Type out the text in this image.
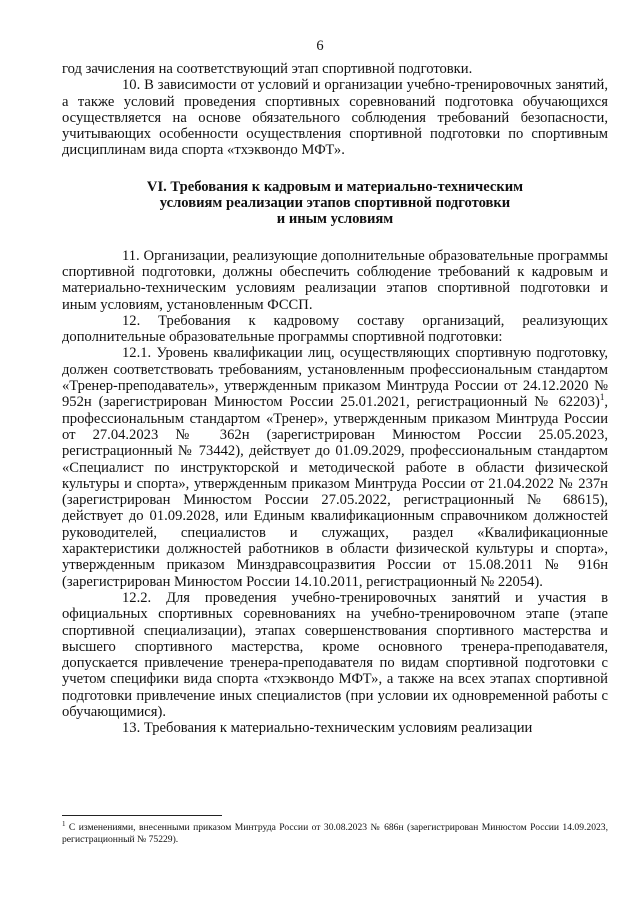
6

год зачисления на соответствующий этап спортивной подготовки.

10. В зависимости от условий и организации учебно-тренировочных занятий, а также условий проведения спортивных соревнований подготовка обучающихся осуществляется на основе обязательного соблюдения требований безопасности, учитывающих особенности осуществления спортивной подготовки по спортивным дисциплинам вида спорта «тхэквондо МФТ».

VI. Требования к кадровым и материально-техническим
условиям реализации этапов спортивной подготовки
и иным условиям

11. Организации, реализующие дополнительные образовательные программы спортивной подготовки, должны обеспечить соблюдение требований к кадровым и материально-техническим условиям реализации этапов спортивной подготовки и иным условиям, установленным ФССП.

12. Требования к кадровому составу организаций, реализующих дополнительные образовательные программы спортивной подготовки:

12.1. Уровень квалификации лиц, осуществляющих спортивную подготовку, должен соответствовать требованиям, установленным профессиональным стандартом «Тренер-преподаватель», утвержденным приказом Минтруда России от 24.12.2020 № 952н (зарегистрирован Минюстом России 25.01.2021, регистрационный № 62203)$^1$, профессиональным стандартом «Тренер», утвержденным приказом Минтруда России от 27.04.2023 № 362н (зарегистрирован Минюстом России 25.05.2023, регистрационный № 73442), действует до 01.09.2029, профессиональным стандартом «Специалист по инструкторской и методической работе в области физической культуры и спорта», утвержденным приказом Минтруда России от 21.04.2022 № 237н (зарегистрирован Минюстом России 27.05.2022, регистрационный № 68615), действует до 01.09.2028, или Единым квалификационным справочником должностей руководителей, специалистов и служащих, раздел «Квалификационные характеристики должностей работников в области физической культуры и спорта», утвержденным приказом Минздравсоцразвития России от 15.08.2011 № 916н (зарегистрирован Минюстом России 14.10.2011, регистрационный № 22054).

12.2. Для проведения учебно-тренировочных занятий и участия в официальных спортивных соревнованиях на учебно-тренировочном этапе (этапе спортивной специализации), этапах совершенствования спортивного мастерства и высшего спортивного мастерства, кроме основного тренера-преподавателя, допускается привлечение тренера-преподавателя по видам спортивной подготовки с учетом специфики вида спорта «тхэквондо МФТ», а также на всех этапах спортивной подготовки привлечение иных специалистов (при условии их одновременной работы с обучающимися).

13. Требования к материально-техническим условиям реализации

$^1$ С изменениями, внесенными приказом Минтруда России от 30.08.2023 № 686н (зарегистрирован Минюстом России 14.09.2023, регистрационный № 75229).
